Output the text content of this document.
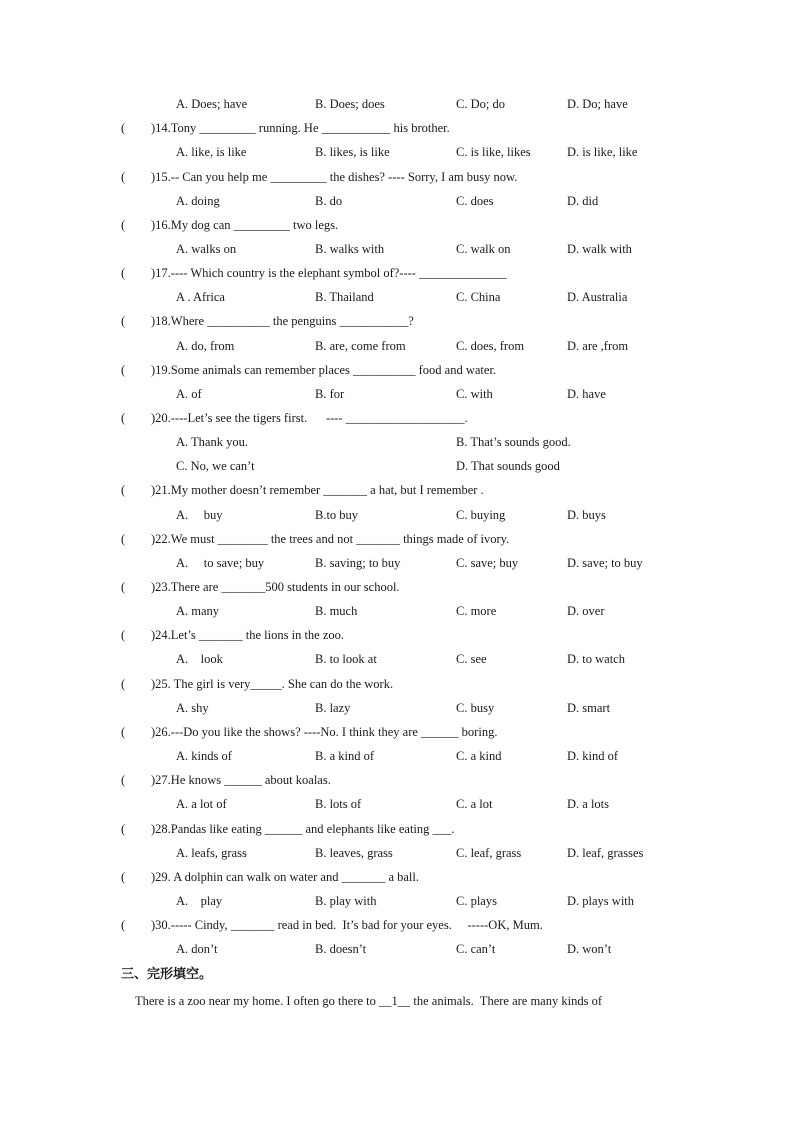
A. Does; have	B. Does; does	C. Do; do	D. Do; have
( )14.Tony _________ running. He ___________ his brother.
A. like, is like	B. likes, is like	C. is like, likes	D. is like, like
( )15.-- Can you help me _________ the dishes? ---- Sorry, I am busy now.
A. doing	B. do	C. does	D. did
( )16.My dog can _________ two legs.
A. walks on	B. walks with	C. walk on	D. walk with
( )17.---- Which country is the elephant symbol of?---- ______________
A . Africa	B. Thailand	C. China	D. Australia
( )18.Where __________ the penguins ___________?
A. do, from	B. are, come from	C. does, from	D. are ,from
( )19.Some animals can remember places __________ food and water.
A. of	B. for	C. with	D. have
( )20.----Let’s see the tigers first.      ---- ___________________.
A. Thank you.	B. That’s sounds good.
C. No, we can’t	D. That sounds good
( )21.My mother doesn’t remember _______ a hat, but I remember .
A.     buy	B.to buy	C. buying	D. buys
( )22.We must ________ the trees and not _______ things made of ivory.
A.     to save; buy	B. saving; to buy	C. save; buy	D. save; to buy
( )23.There are _______500 students in our school.
A. many	B. much	C. more	D. over
( )24.Let’s _______ the lions in the zoo.
A.    look	B. to look at	C. see	D. to watch
( )25. The girl is very_____. She can do the work.
A. shy	B. lazy	C. busy	D. smart
( )26.---Do you like the shows? ----No. I think they are ______ boring.
A. kinds of	B. a kind of	C. a kind	D. kind of
( )27.He knows ______ about koalas.
A. a lot of	B. lots of	C. a lot	D. a lots
( )28.Pandas like eating ______ and elephants like eating ___.
A. leafs, grass	B. leaves, grass	C. leaf, grass	D. leaf, grasses
( )29. A dolphin can walk on water and _______ a ball.
A.    play	B. play with	C. plays	D. plays with
( )30.----- Cindy, _______ read in bed.  It’s bad for your eyes.     -----OK, Mum.
A. don’t	B. doesn’t	C. can’t	D. won’t
三、完形填空。
There is a zoo near my home. I often go there to __1__ the animals.  There are many kinds of
